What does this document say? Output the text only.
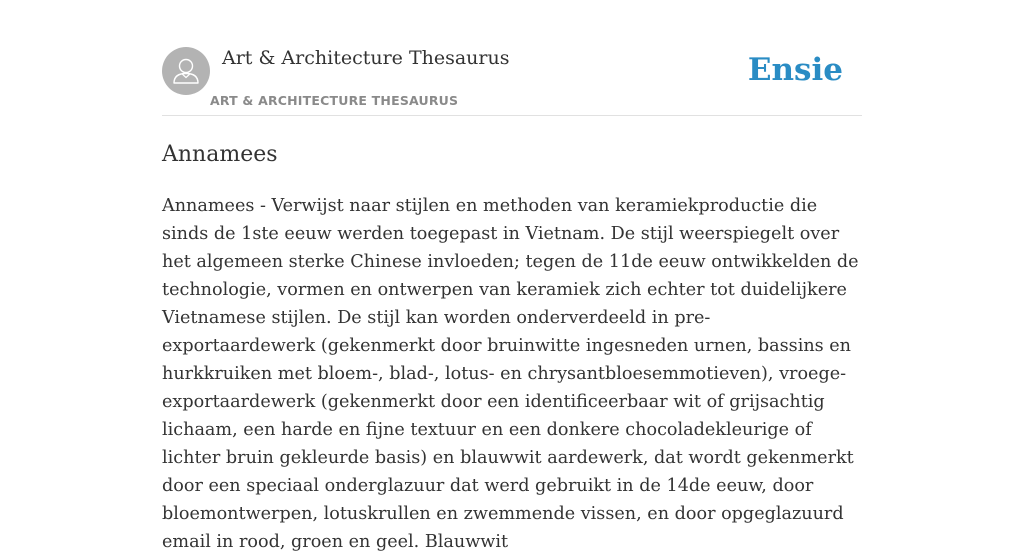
Art & Architecture Thesaurus
ART & ARCHITECTURE THESAURUS
Ensie
Annamees

Annamees - Verwijst naar stijlen en methoden van keramiekproductie die sinds de 1ste eeuw werden toegepast in Vietnam. De stijl weerspiegelt over het algemeen sterke Chinese invloeden; tegen de 11de eeuw ontwikkelden de technologie, vormen en ontwerpen van keramiek zich echter tot duidelijkere Vietnamese stijlen. De stijl kan worden onderverdeeld in pre-exportaardewerk (gekenmerkt door bruinwitte ingesneden urnen, bassins en hurkkruiken met bloem-, blad-, lotus- en chrysantbloesemmotieven), vroege-exportaardewerk (gekenmerkt door een identificeerbaar wit of grijsachtig lichaam, een harde en fijne textuur en een donkere chocoladekleurige of lichter bruin gekleurde basis) en blauwwit aardewerk, dat wordt gekenmerkt door een speciaal onderglazuur dat werd gebruikt in de 14de eeuw, door bloemontwerpen, lotuskrullen en zwemmende vissen, en door opgeglazuurd email in rood, groen en geel. Blauwwit
